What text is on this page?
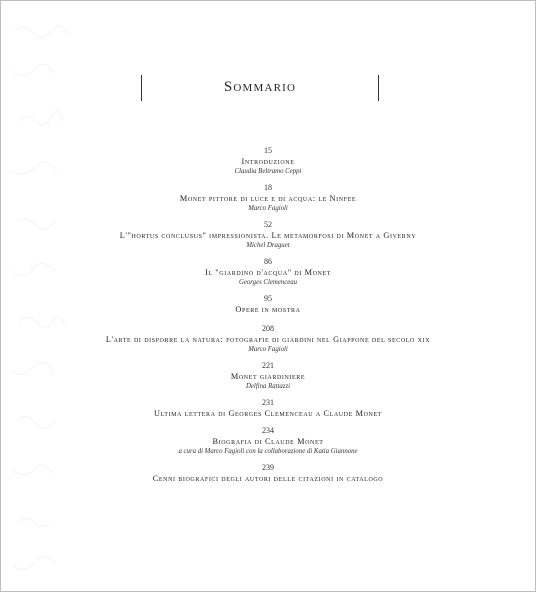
Sommario
15
Introduzione
Claudia Beltramo Ceppi
18
Monet pittore di luce e di acqua: le Ninfee
Marco Fagioli
52
L'"hortus conclusus" impressionista. Le metamorfosi di Monet a Giverny
Michel Draguet
86
Il "giardino d'acqua" di Monet
Georges Clemenceau
95
Opere in mostra
208
L'arte di disporre la natura: fotografie di giardini nel Giappone del secolo xix
Marco Fagioli
221
Monet giardiniere
Delfina Rattazzi
231
Ultima lettera di Georges Clemenceau a Claude Monet
234
Biografia di Claude Monet
a cura di Marco Fagioli con la collaborazione di Katia Giannone
239
Cenni biografici degli autori delle citazioni in catalogo
